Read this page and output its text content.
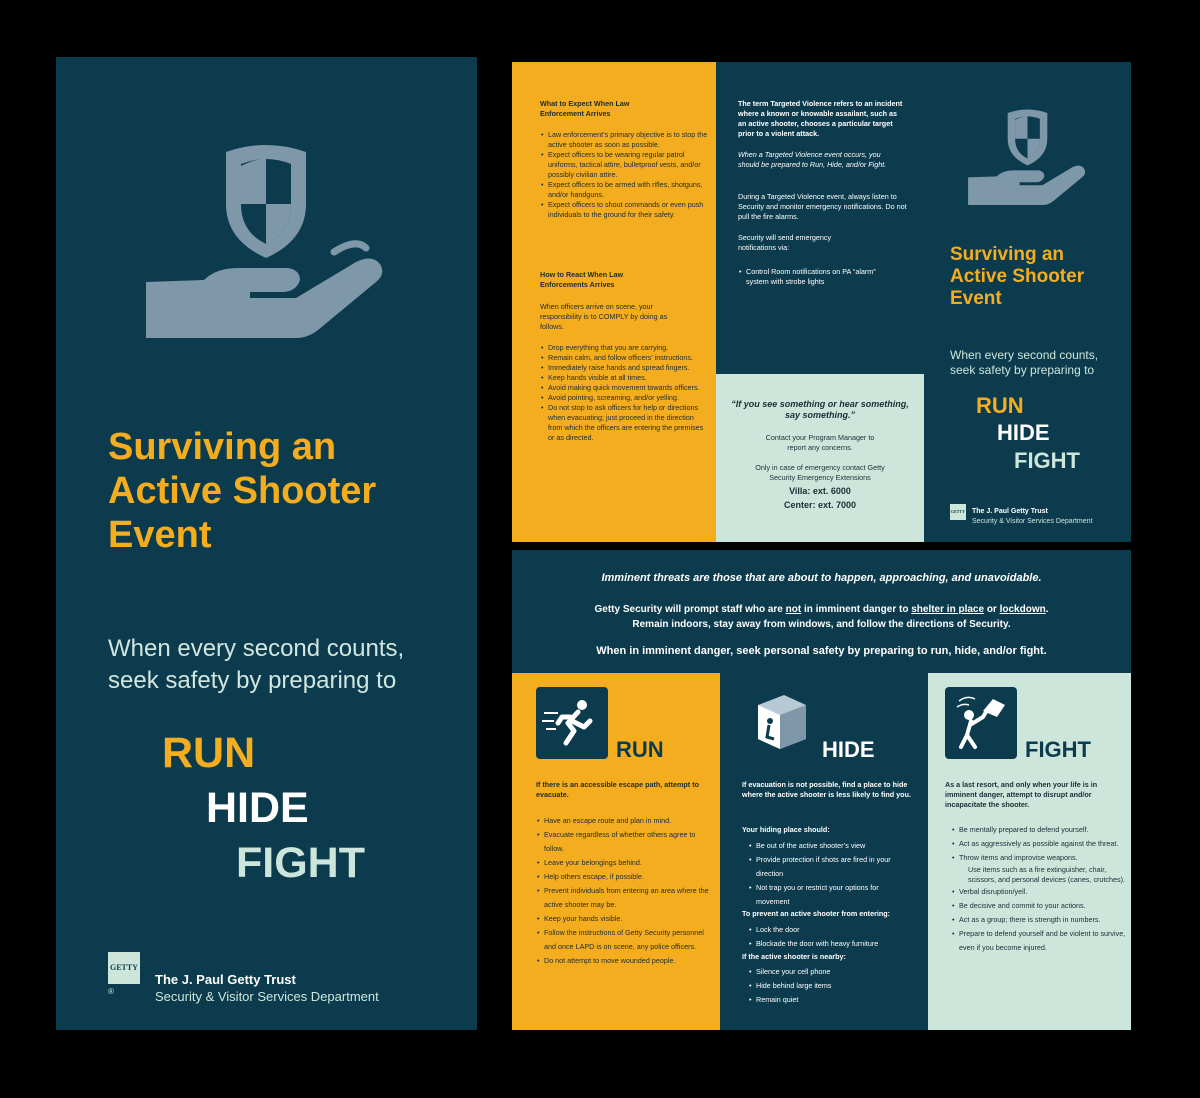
Surviving an Active Shooter Event
When every second counts, seek safety by preparing to
RUN
HIDE
FIGHT
GETTY
®
The J. Paul Getty Trust
Security & Visitor Services Department
What to Expect When Law Enforcement Arrives
• Law enforcement’s primary objective is to stop the active shooter as soon as possible.
• Expect officers to be wearing regular patrol uniforms, tactical attire, bulletproof vests, and/or possibly civilian attire.
• Expect officers to be armed with rifles, shotguns, and/or handguns.
• Expect officers to shout commands or even push individuals to the ground for their safety.
How to React When Law Enforcements Arrives
When officers arrive on scene, your responsibility is to COMPLY by doing as follows.
• Drop everything that you are carrying.
• Remain calm, and follow officers’ instructions.
• Immediately raise hands and spread fingers.
• Keep hands visible at all times.
• Avoid making quick movement towards officers.
• Avoid pointing, screaming, and/or yelling.
• Do not stop to ask officers for help or directions when evacuating; just proceed in the direction from which the officers are entering the premises or as directed.
The term Targeted Violence refers to an incident where a known or knowable assailant, such as an active shooter, chooses a particular target prior to a violent attack.
When a Targeted Violence event occurs, you should be prepared to Run, Hide, and/or Fight.
During a Targeted Violence event, always listen to Security and monitor emergency notifications. Do not pull the fire alarms.
Security will send emergency notifications via:
• Control Room notifications on PA “alarm” system with strobe lights
“If you see something or hear something, say something.”
Contact your Program Manager to report any concerns.
Only in case of emergency contact Getty Security Emergency Extensions
Villa: ext. 6000
Center: ext. 7000
Surviving an Active Shooter Event
When every second counts, seek safety by preparing to
RUN
HIDE
FIGHT
GETTY The J. Paul Getty Trust
Security & Visitor Services Department
Imminent threats are those that are about to happen, approaching, and unavoidable.
Getty Security will prompt staff who are not in imminent danger to shelter in place or lockdown.
Remain indoors, stay away from windows, and follow the directions of Security.
When in imminent danger, seek personal safety by preparing to run, hide, and/or fight.
RUN
If there is an accessible escape path, attempt to evacuate.
• Have an escape route and plan in mind.
• Evacuate regardless of whether others agree to follow.
• Leave your belongings behind.
• Help others escape, if possible.
• Prevent individuals from entering an area where the active shooter may be.
• Keep your hands visible.
• Follow the instructions of Getty Security personnel and once LAPD is on scene, any police officers.
• Do not attempt to move wounded people.
HIDE
If evacuation is not possible, find a place to hide where the active shooter is less likely to find you.
Your hiding place should:
• Be out of the active shooter’s view
• Provide protection if shots are fired in your direction
• Not trap you or restrict your options for movement
To prevent an active shooter from entering:
• Lock the door
• Blockade the door with heavy furniture
If the active shooter is nearby:
• Silence your cell phone
• Hide behind large items
• Remain quiet
FIGHT
As a last resort, and only when your life is in imminent danger, attempt to disrupt and/or incapacitate the shooter.
• Be mentally prepared to defend yourself.
• Act as aggressively as possible against the threat.
• Throw items and improvise weapons.
Use items such as a fire extinguisher, chair, scissors, and personal devices (canes, crutches).
• Verbal disruption/yell.
• Be decisive and commit to your actions.
• Act as a group; there is strength in numbers.
• Prepare to defend yourself and be violent to survive, even if you become injured.
